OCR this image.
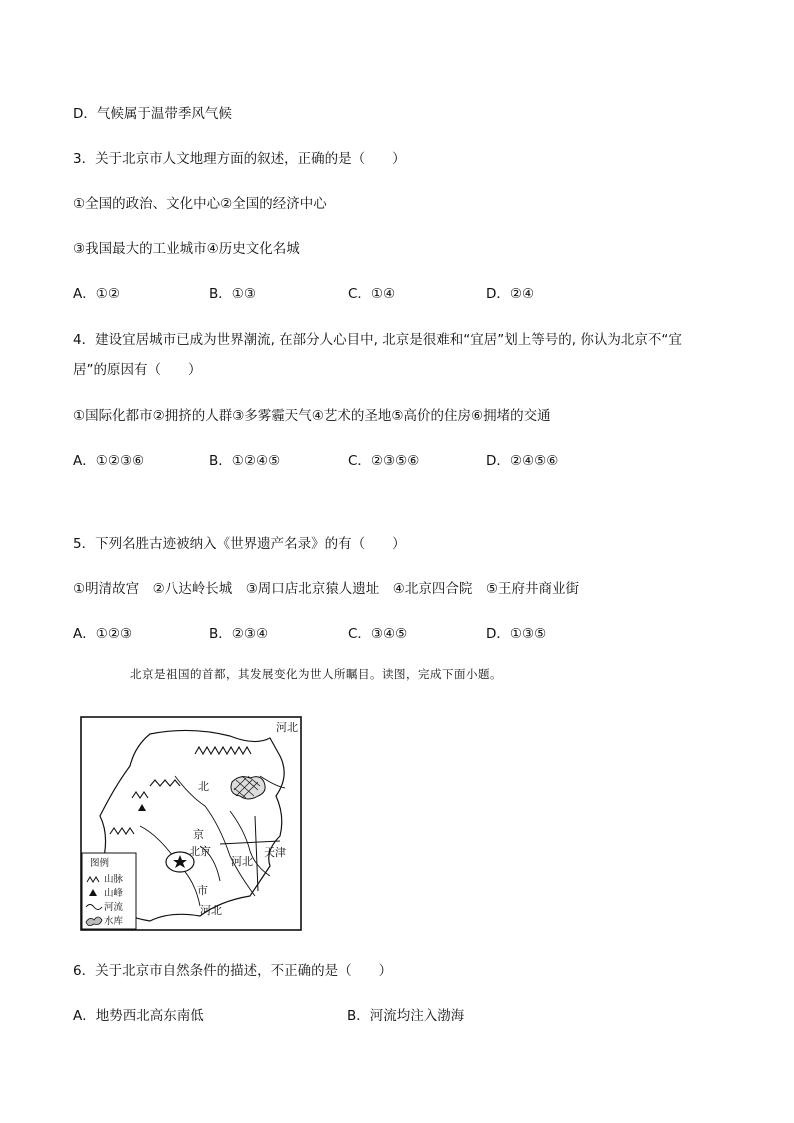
D．气候属于温带季风气候
3．关于北京市人文地理方面的叙述，正确的是（　　）
①全国的政治、文化中心②全国的经济中心
③我国最大的工业城市④历史文化名城
A．①②	B．①③	C．①④	D．②④
4．建设宜居城市已成为世界潮流, 在部分人心目中, 北京是很难和“宜居”划上等号的, 你认为北京不“宜
居”的原因有（　　）
①国际化都市②拥挤的人群③多雾霾天气④艺术的圣地⑤高价的住房⑥拥堵的交通
A．①②③⑥	B．①②④⑤	C．②③⑤⑥	D．②④⑤⑥
5．下列名胜古迹被纳入《世界遗产名录》的有（　　）
①明清故宫　②八达岭长城　③周口店北京猿人遗址　④北京四合院　⑤王府井商业街
A．①②③	B．②③④	C．③④⑤	D．①③⑤
北京是祖国的首都，其发展变化为世人所瞩目。读图，完成下面小题。
河北
北
京
北京
市
河北
天津
河北
图例
山脉
山峰
河流
水库
6．关于北京市自然条件的描述，不正确的是（　　）
A．地势西北高东南低	B．河流均注入渤海
